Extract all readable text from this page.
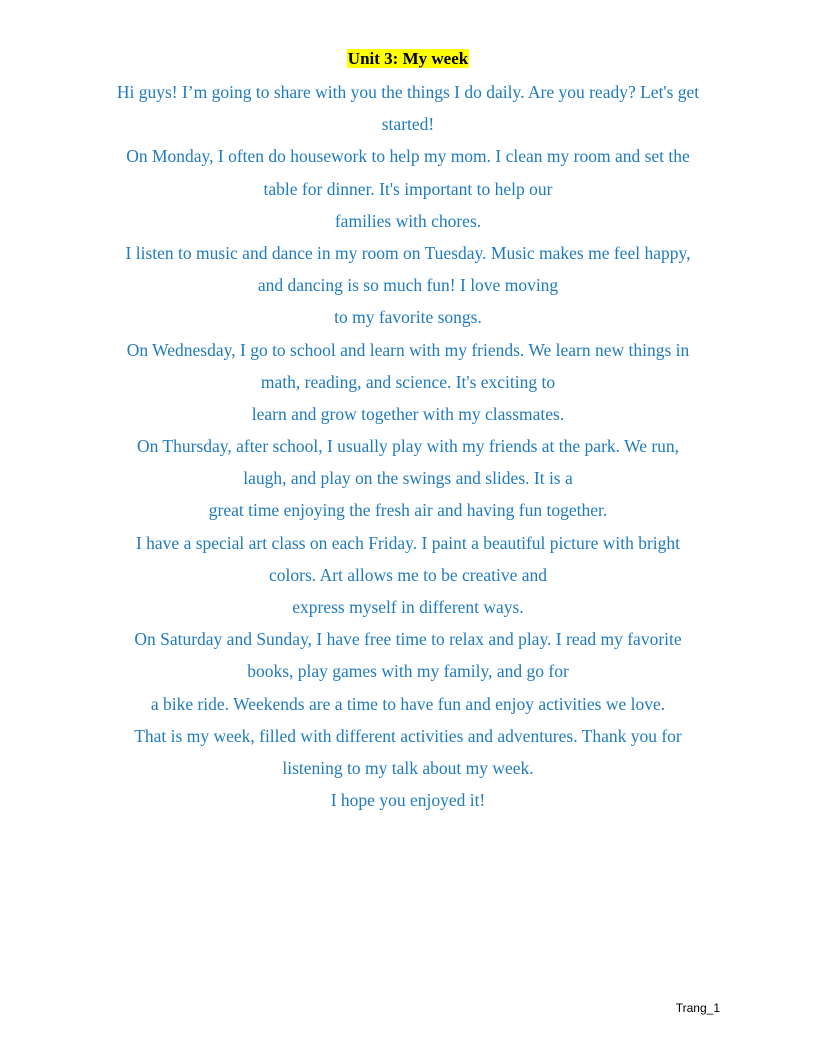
Unit 3: My week
Hi guys! I’m going to share with you the things I do daily. Are you ready? Let's get
started!
On Monday, I often do housework to help my mom. I clean my room and set the
table for dinner. It's important to help our
families with chores.
I listen to music and dance in my room on Tuesday. Music makes me feel happy,
and dancing is so much fun! I love moving
to my favorite songs.
On Wednesday, I go to school and learn with my friends. We learn new things in
math, reading, and science. It's exciting to
learn and grow together with my classmates.
On Thursday, after school, I usually play with my friends at the park. We run,
laugh, and play on the swings and slides. It is a
great time enjoying the fresh air and having fun together.
I have a special art class on each Friday. I paint a beautiful picture with bright
colors. Art allows me to be creative and
express myself in different ways.
On Saturday and Sunday, I have free time to relax and play. I read my favorite
books, play games with my family, and go for
a bike ride. Weekends are a time to have fun and enjoy activities we love.
That is my week, filled with different activities and adventures. Thank you for
listening to my talk about my week.
I hope you enjoyed it!
Trang_1
